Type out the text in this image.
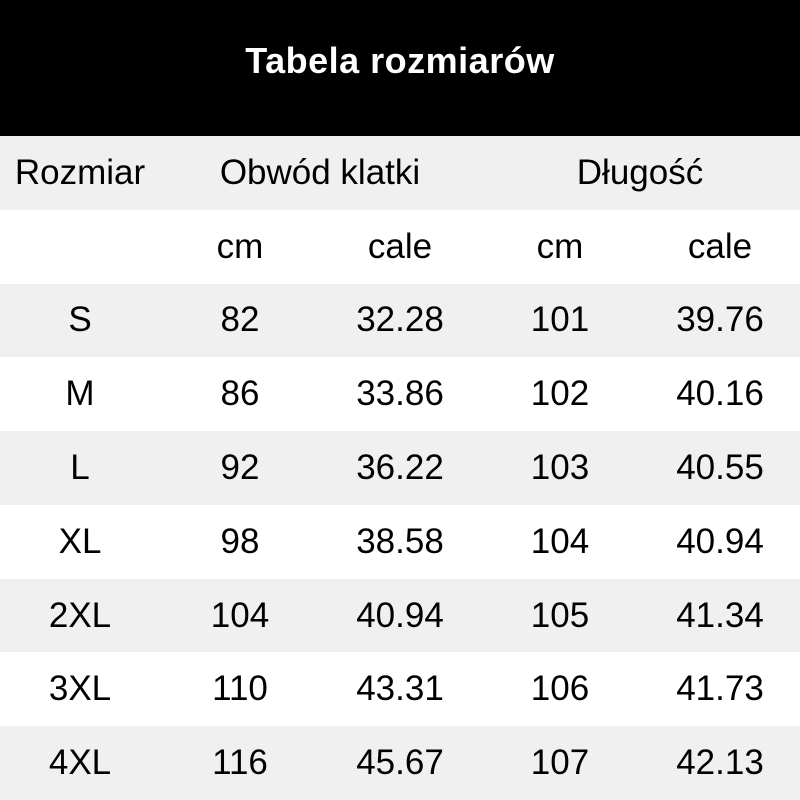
Tabela rozmiarów
Rozmiar	Obwód klatki	Długość
cm	cale	cm	cale
S	82	32.28	101	39.76
M	86	33.86	102	40.16
L	92	36.22	103	40.55
XL	98	38.58	104	40.94
2XL	104	40.94	105	41.34
3XL	110	43.31	106	41.73
4XL	116	45.67	107	42.13
